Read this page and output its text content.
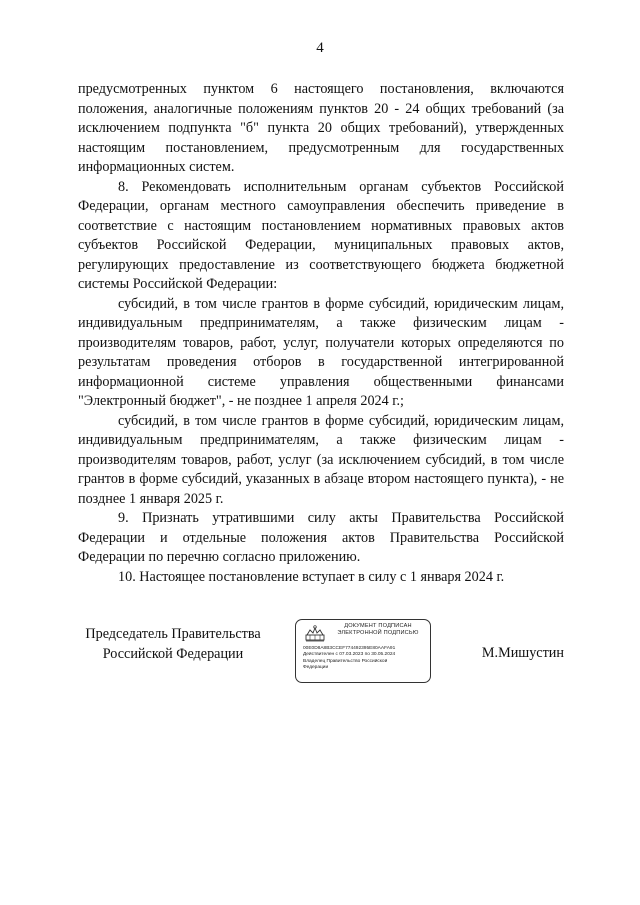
4

предусмотренных пунктом 6 настоящего постановления, включаются положения, аналогичные положениям пунктов 20 - 24 общих требований (за исключением подпункта "б" пункта 20 общих требований), утвержденных настоящим постановлением, предусмотренным для государственных информационных систем.

8. Рекомендовать исполнительным органам субъектов Российской Федерации, органам местного самоуправления обеспечить приведение в соответствие с настоящим постановлением нормативных правовых актов субъектов Российской Федерации, муниципальных правовых актов, регулирующих предоставление из соответствующего бюджета бюджетной системы Российской Федерации:

субсидий, в том числе грантов в форме субсидий, юридическим лицам, индивидуальным предпринимателям, а также физическим лицам - производителям товаров, работ, услуг, получатели которых определяются по результатам проведения отборов в государственной интегрированной информационной системе управления общественными финансами "Электронный бюджет", - не позднее 1 апреля 2024 г.;

субсидий, в том числе грантов в форме субсидий, юридическим лицам, индивидуальным предпринимателям, а также физическим лицам - производителям товаров, работ, услуг (за исключением субсидий, в том числе грантов в форме субсидий, указанных в абзаце втором настоящего пункта), - не позднее 1 января 2025 г.

9. Признать утратившими силу акты Правительства Российской Федерации и отдельные положения актов Правительства Российской Федерации по перечню согласно приложению.

10. Настоящее постановление вступает в силу с 1 января 2024 г.

Председатель Правительства
Российской Федерации
ДОКУМЕНТ ПОДПИСАН
ЭЛЕКТРОННОЙ ПОДПИСЬЮ
00E0D8A8B3CCEF774492395E80AAFA91
Действителен с 07.03.2023 по 30.05.2024
Владелец Правительство Российской
Федерации
М.Мишустин
